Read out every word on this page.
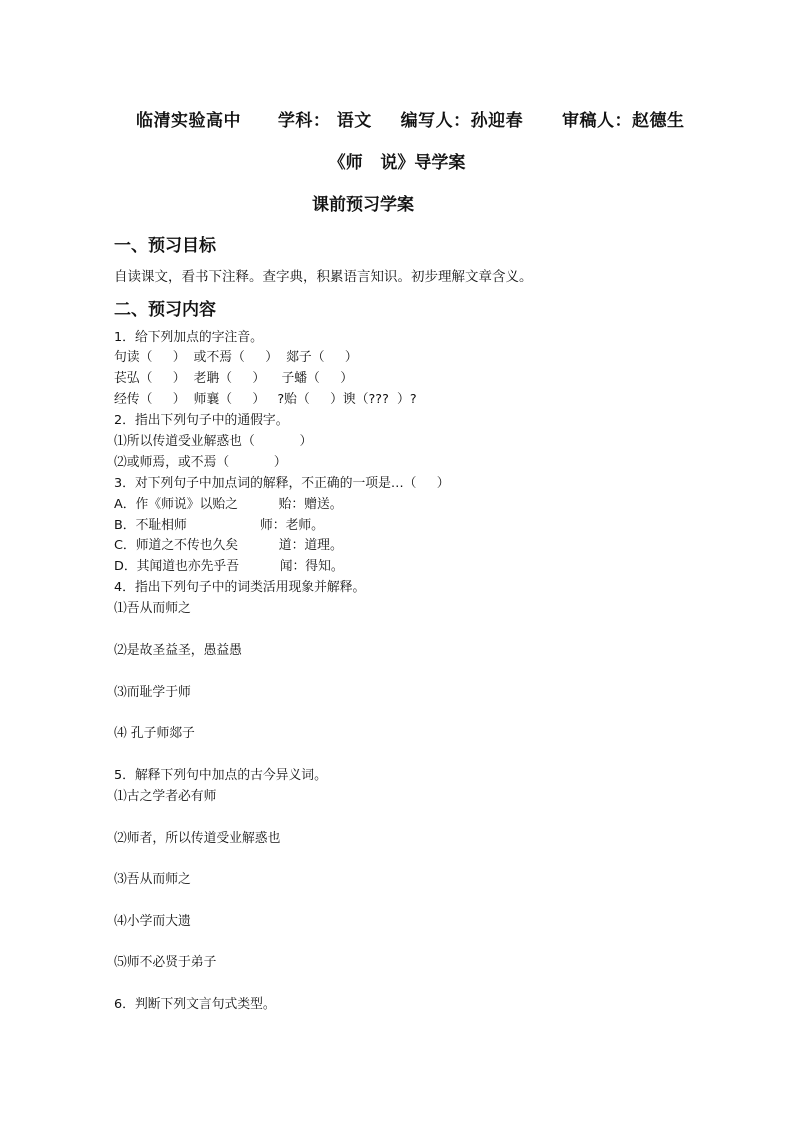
临清实验高中 学科： 语文 编写人：孙迎春 审稿人：赵德生
《师   说》导学案
课前预习学案
一、预习目标
自读课文，看书下注释。查字典，积累语言知识。初步理解文章含义。
二、预习内容
1．给下列加点的字注音。
句读（     ）  或不焉（     ）  郯子（     ）
苌弘（     ）  老聃（     ）    子蟠（     ）
经传（     ）  师襄（     ）   ?贻（     ）谀（???  ）?
2．指出下列句子中的通假字。
⑴所以传道受业解惑也（           ）
⑵或师焉，或不焉（           ）
3．对下列句子中加点词的解释，不正确的一项是…（     ）
A．作《师说》以贻之          贻：赠送。
B．不耻相师                  师：老师。
C．师道之不传也久矣          道：道理。
D．其闻道也亦先乎吾          闻：得知。
4．指出下列句子中的词类活用现象并解释。
⑴吾从而师之
⑵是故圣益圣，愚益愚
⑶而耻学于师
⑷ 孔子师郯子
5．解释下列句中加点的古今异义词。
⑴古之学者必有师
⑵师者，所以传道受业解惑也
⑶吾从而师之
⑷小学而大遗
⑸师不必贤于弟子
6．判断下列文言句式类型。
